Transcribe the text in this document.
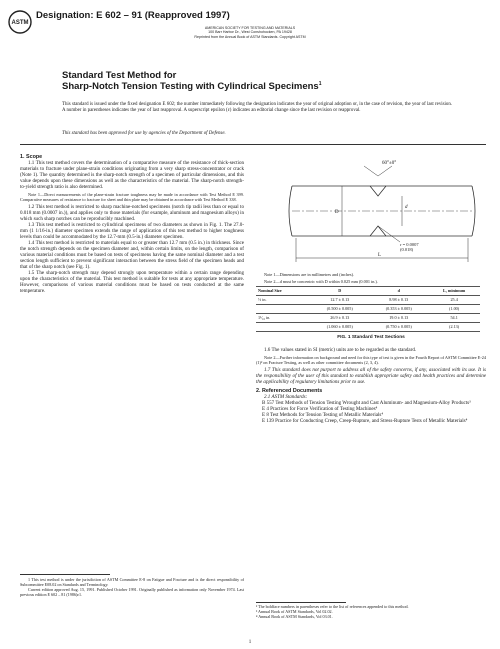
ASTM
Designation: E 602 – 91 (Reapproved 1997)
AMERICAN SOCIETY FOR TESTING AND MATERIALS
100 Barr Harbor Dr., West Conshohocken, PA 19428
Reprinted from the Annual Book of ASTM Standards. Copyright ASTM
Standard Test Method for
Sharp-Notch Tension Testing with Cylindrical Specimens$^1$
This standard is issued under the fixed designation E 602; the number immediately following the designation indicates the year of original adoption or, in the case of revision, the year of last revision. A number in parentheses indicates the year of last reapproval. A superscript epsilon (ε) indicates an editorial change since the last revision or reapproval.
This standard has been approved for use by agencies of the Department of Defense.

1. Scope

1.1 This test method covers the determination of a comparative measure of the resistance of thick-section materials to fracture under plane-strain conditions originating from a very sharp stress-concentrator or crack (Note 1). The quantity determined is the sharp-notch strength of a specimen of particular dimensions, and this value depends upon these dimensions as well as the characteristics of the material. The sharp-notch strength-to-yield strength ratio is also determined.

Note 1—Direct measurements of the plane-strain fracture toughness may be made in accordance with Test Method E 399. Comparative measures of resistance to fracture for sheet and thin plate may be obtained in accordance with Test Method E 338.

1.2 This test method is restricted to sharp machine-notched specimens (notch tip radii less than or equal to 0.018 mm (0.0007 in.)), and applies only to those materials (for example, aluminum and magnesium alloys) in which such sharp notches can be reproducibly machined.

1.3 This test method is restricted to cylindrical specimens of two diameters as shown in Fig. 1. The 27.0-mm (1 1/16-in.) diameter specimen extends the range of application of this test method to higher toughness levels than could be accommodated by the 12.7-mm (0.5-in.) diameter specimen.

1.4 This test method is restricted to materials equal to or greater than 12.7 mm (0.5 in.) in thickness. Since the notch strength depends on the specimen diameter and, within certain limits, on the length, comparison of various material conditions must be based on tests of specimens having the same nominal diameter and a test section length sufficient to prevent significant interaction between the stress field of the specimen heads and that of the sharp notch (see Fig. 1).

1.5 The sharp-notch strength may depend strongly upon temperature within a certain range depending upon the characteristics of the material. This test method is suitable for tests at any appropriate temperature. However, comparisons of various material conditions must be based on tests conducted at the same temperature.

1 This test method is under the jurisdiction of ASTM Committee E-8 on Fatigue and Fracture and is the direct responsibility of Subcommittee E08.02 on Standards and Terminology.
Current edition approved Aug. 15, 1991. Published October 1991. Originally published as information only November 1974. Last previous edition E 602 – 81 (1986)ε1.
60°±0°
D
d
r = 0.0007
(0.018)
L

Note 1—Dimensions are in millimetres and (inches).

Note 2—d must be concentric with D within 0.025 mm (0.001 in.).

Nominal Size	D	d	L, minimum
½ in.	12.7 ± 0.13	8.98 ± 0.13	25.4
	(0.500 ± 0.005)	(0.353 ± 0.005)	(1.00)
1¹⁄₁₆ in.	26.9 ± 0.13	19.0 ± 0.13	54.1
	(1.060 ± 0.005)	(0.750 ± 0.005)	(2.13)
FIG. 1 Standard Test Sections

1.6 The values stated in SI (metric) units are to be regarded as the standard.

Note 2—Further information on background and need for this type of test is given in the Fourth Report of ASTM Committee E-24 (1)² on Fracture Testing, as well as other committee documents (2, 3, 4).

1.7 This standard does not purport to address all of the safety concerns, if any, associated with its use. It is the responsibility of the user of this standard to establish appropriate safety and health practices and determine the applicability of regulatory limitations prior to use.

2. Referenced Documents

2.1 ASTM Standards:

B 557 Test Methods of Tension Testing Wrought and Cast Aluminum- and Magnesium-Alloy Products³

E 4 Practices for Force Verification of Testing Machines⁴

E 8 Test Methods for Tension Testing of Metallic Materials⁴

E 139 Practice for Conducting Creep, Creep-Rupture, and Stress-Rupture Tests of Metallic Materials⁴

² The boldface numbers in parentheses refer to the list of references appended to this method.
³ Annual Book of ASTM Standards, Vol 02.02.
⁴ Annual Book of ASTM Standards, Vol 03.01.
1
